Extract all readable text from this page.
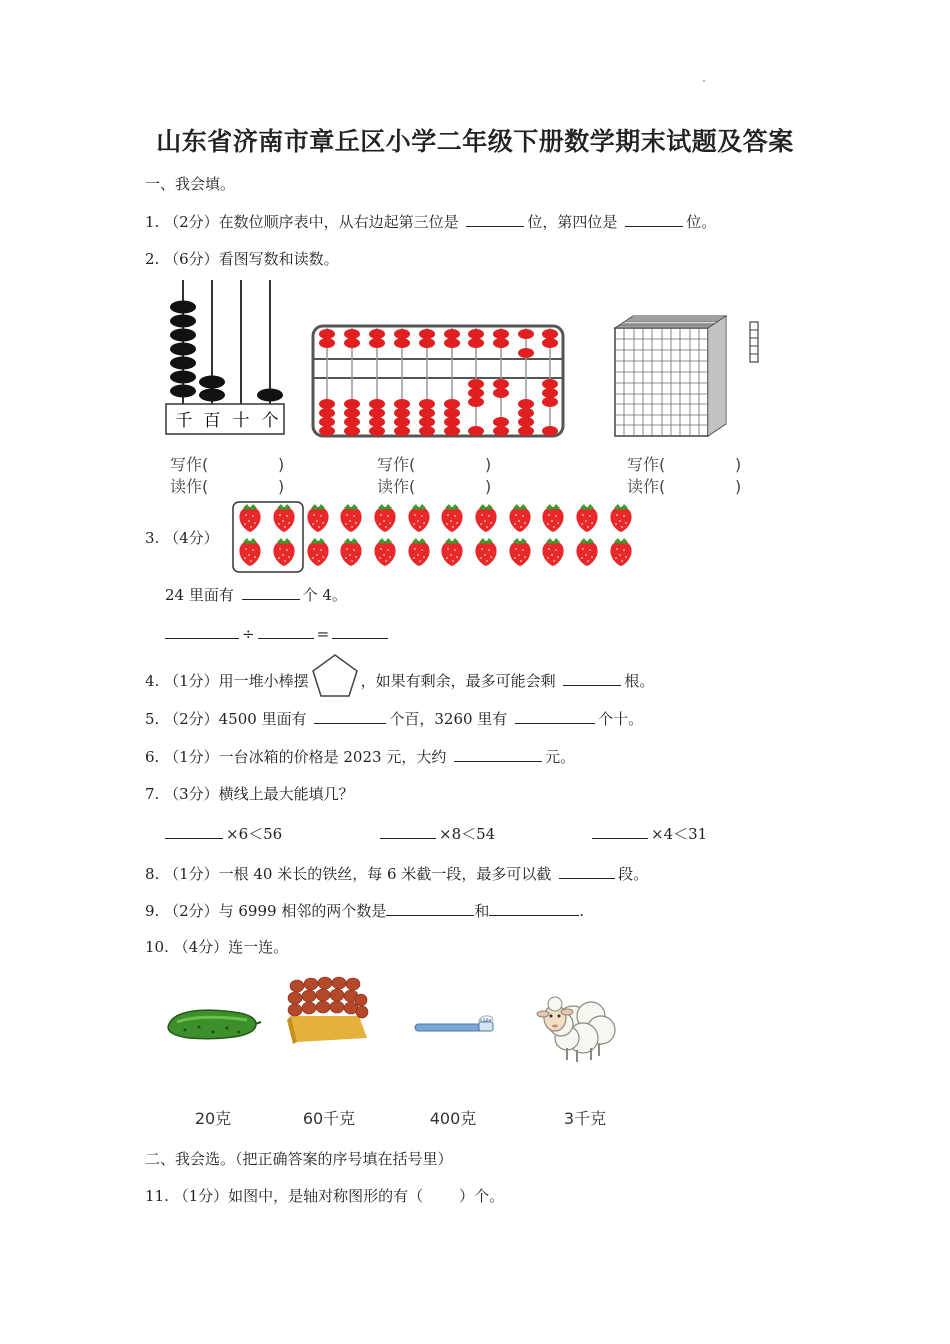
山东省济南市章丘区小学二年级下册数学期末试题及答案
一、我会填。
1. （2分）在数位顺序表中，从右边起第三位是	位，第四位是	位。
2. （6分）看图写数和读数。
千 百 十 个
写作(	)
读作(	)
写作(	)
读作(	)
写作(	)
读作(	)
3. （4分）
24 里面有	个 4。
÷	=
4. （1分）用一堆小棒摆	，如果有剩余，最多可能会剩	根。
5. （2分）4500 里面有	个百，3260 里有	个十。
6. （1分）一台冰箱的价格是 2023 元，大约	元。
7. （3分）横线上最大能填几？
×6＜56	×8＜54	×4＜31
8. （1分）一根 40 米长的铁丝，每 6 米截一段，最多可以截	段。
9. （2分）与 6999 相邻的两个数是	和	.
10. （4分）连一连。
20克	60千克	400克	3千克
二、我会选。（把正确答案的序号填在括号里）
11. （1分）如图中，是轴对称图形的有（ ）个。
